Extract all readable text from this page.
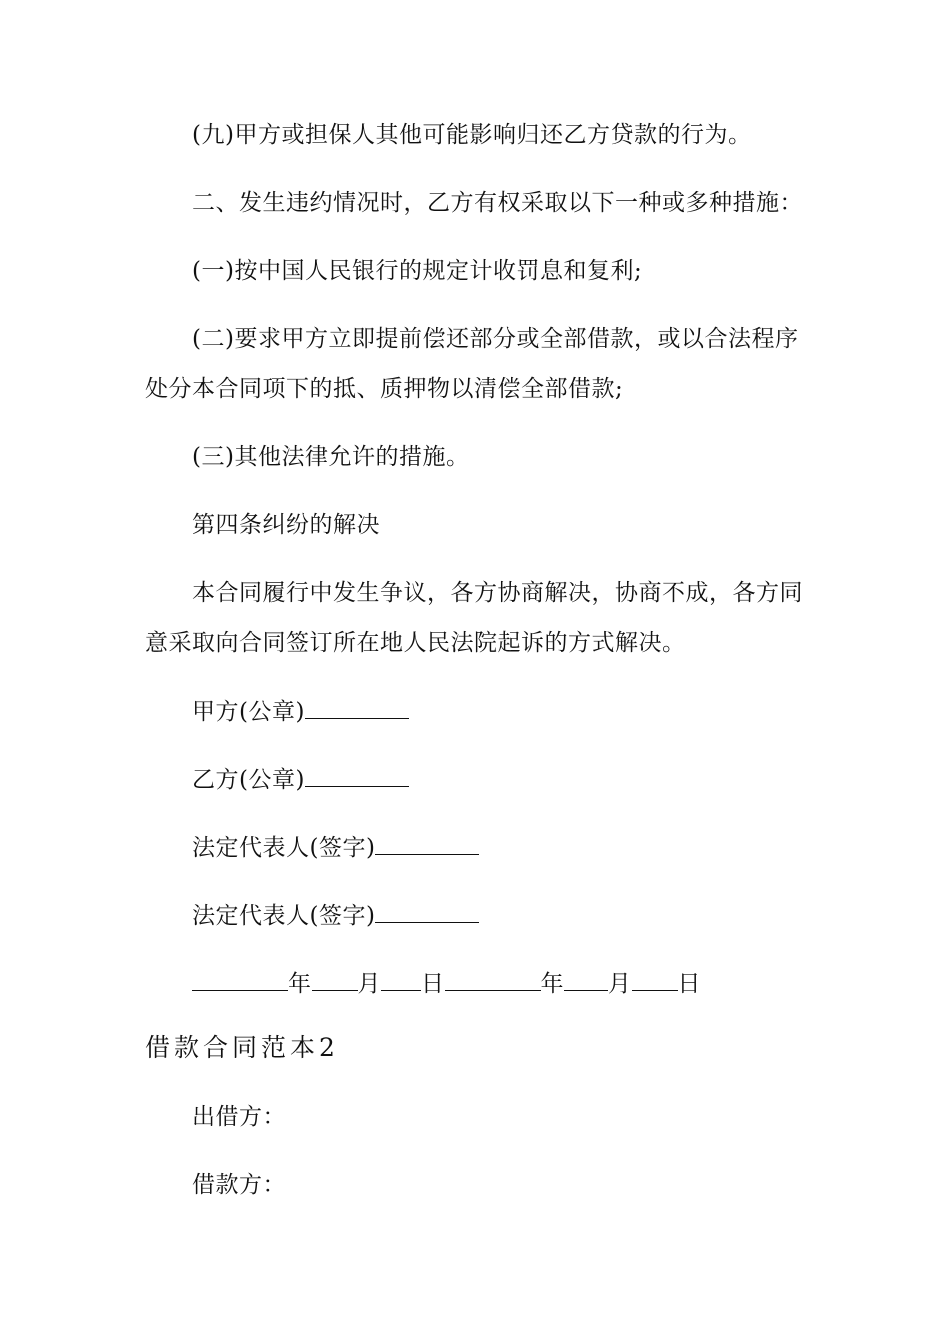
(九)甲方或担保人其他可能影响归还乙方贷款的行为。
二、发生违约情况时，乙方有权采取以下一种或多种措施：
(一)按中国人民银行的规定计收罚息和复利;
(二)要求甲方立即提前偿还部分或全部借款，或以合法程序
处分本合同项下的抵、质押物以清偿全部借款;
(三)其他法律允许的措施。
第四条纠纷的解决
本合同履行中发生争议，各方协商解决，协商不成，各方同
意采取向合同签订所在地人民法院起诉的方式解决。
甲方(公章)
乙方(公章)
法定代表人(签字)
法定代表人(签字)
年 月 日	年 月 日
借款合同范本2
出借方：
借款方：
